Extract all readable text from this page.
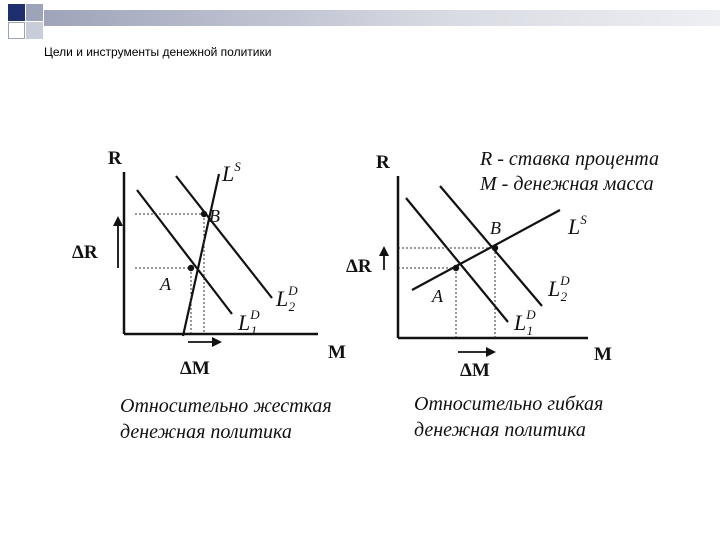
Цели и инструменты денежной политики
R
M
A
B
$L^S$
$L^D$ 2
$L^D$ 1
ΔR
ΔM
Относительно жесткая
денежная политика
R - ставка процента
M - денежная масса
R
M
A
B	$L^S$
$L^D$ 2
$L^D$ 1
ΔR
ΔM
Относительно гибкая
денежная политика
